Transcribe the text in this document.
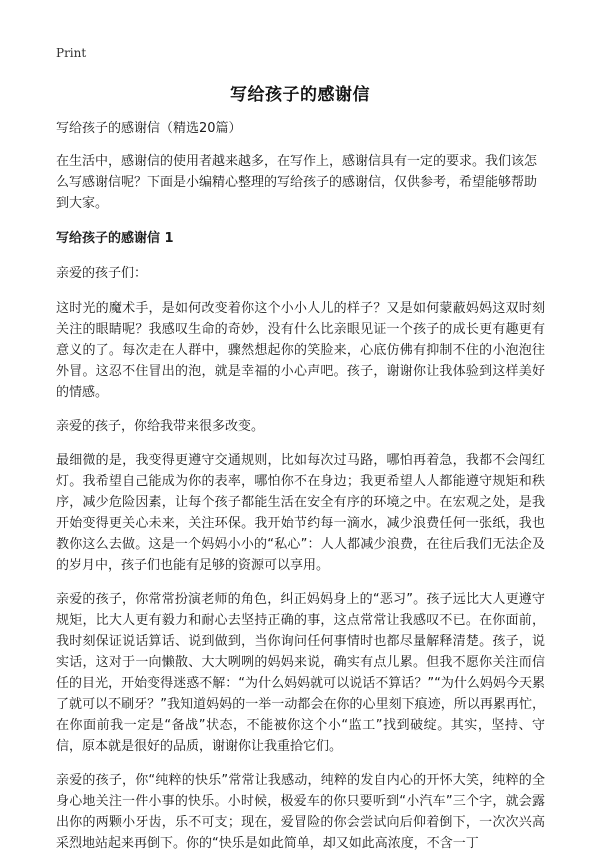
Print
写给孩子的感谢信

写给孩子的感谢信（精选20篇）

在生活中，感谢信的使用者越来越多，在写作上，感谢信具有一定的要求。我们该怎么写感谢信呢？下面是小编精心整理的写给孩子的感谢信，仅供参考，希望能够帮助到大家。

写给孩子的感谢信 1

亲爱的孩子们：

这时光的魔术手，是如何改变着你这个小小人儿的样子？又是如何蒙蔽妈妈这双时刻关注的眼睛呢？我感叹生命的奇妙，没有什么比亲眼见证一个孩子的成长更有趣更有意义的了。每次走在人群中，骤然想起你的笑脸来，心底仿佛有抑制不住的小泡泡往外冒。这忍不住冒出的泡，就是幸福的小心声吧。孩子，谢谢你让我体验到这样美好的情感。

亲爱的孩子，你给我带来很多改变。

最细微的是，我变得更遵守交通规则，比如每次过马路，哪怕再着急，我都不会闯红灯。我希望自己能成为你的表率，哪怕你不在身边；我更希望人人都能遵守规矩和秩序，减少危险因素，让每个孩子都能生活在安全有序的环境之中。在宏观之处，是我开始变得更关心未来，关注环保。我开始节约每一滴水，减少浪费任何一张纸，我也教你这么去做。这是一个妈妈小小的“私心”：人人都减少浪费，在往后我们无法企及的岁月中，孩子们也能有足够的资源可以享用。

亲爱的孩子，你常常扮演老师的角色，纠正妈妈身上的“恶习”。孩子远比大人更遵守规矩，比大人更有毅力和耐心去坚持正确的事，这点常常让我感叹不已。在你面前，我时刻保证说话算话、说到做到，当你询问任何事情时也都尽量解释清楚。孩子，说实话，这对于一向懒散、大大咧咧的妈妈来说，确实有点儿累。但我不愿你关注而信任的目光，开始变得迷惑不解：“为什么妈妈就可以说话不算话？”“为什么妈妈今天累了就可以不刷牙？”我知道妈妈的一举一动都会在你的心里刻下痕迹，所以再累再忙，在你面前我一定是“备战”状态，不能被你这个小“监工”找到破绽。其实，坚持、守信，原本就是很好的品质，谢谢你让我重拾它们。

亲爱的孩子，你“纯粹的快乐”常常让我感动，纯粹的发自内心的开怀大笑，纯粹的全身心地关注一件小事的快乐。小时候，极爱车的你只要听到“小汽车”三个字，就会露出你的两颗小牙齿，乐不可支；现在，爱冒险的你会尝试向后仰着倒下，一次次兴高采烈地站起来再倒下。你的“快乐是如此简单，却又如此高浓度，不含一丁
